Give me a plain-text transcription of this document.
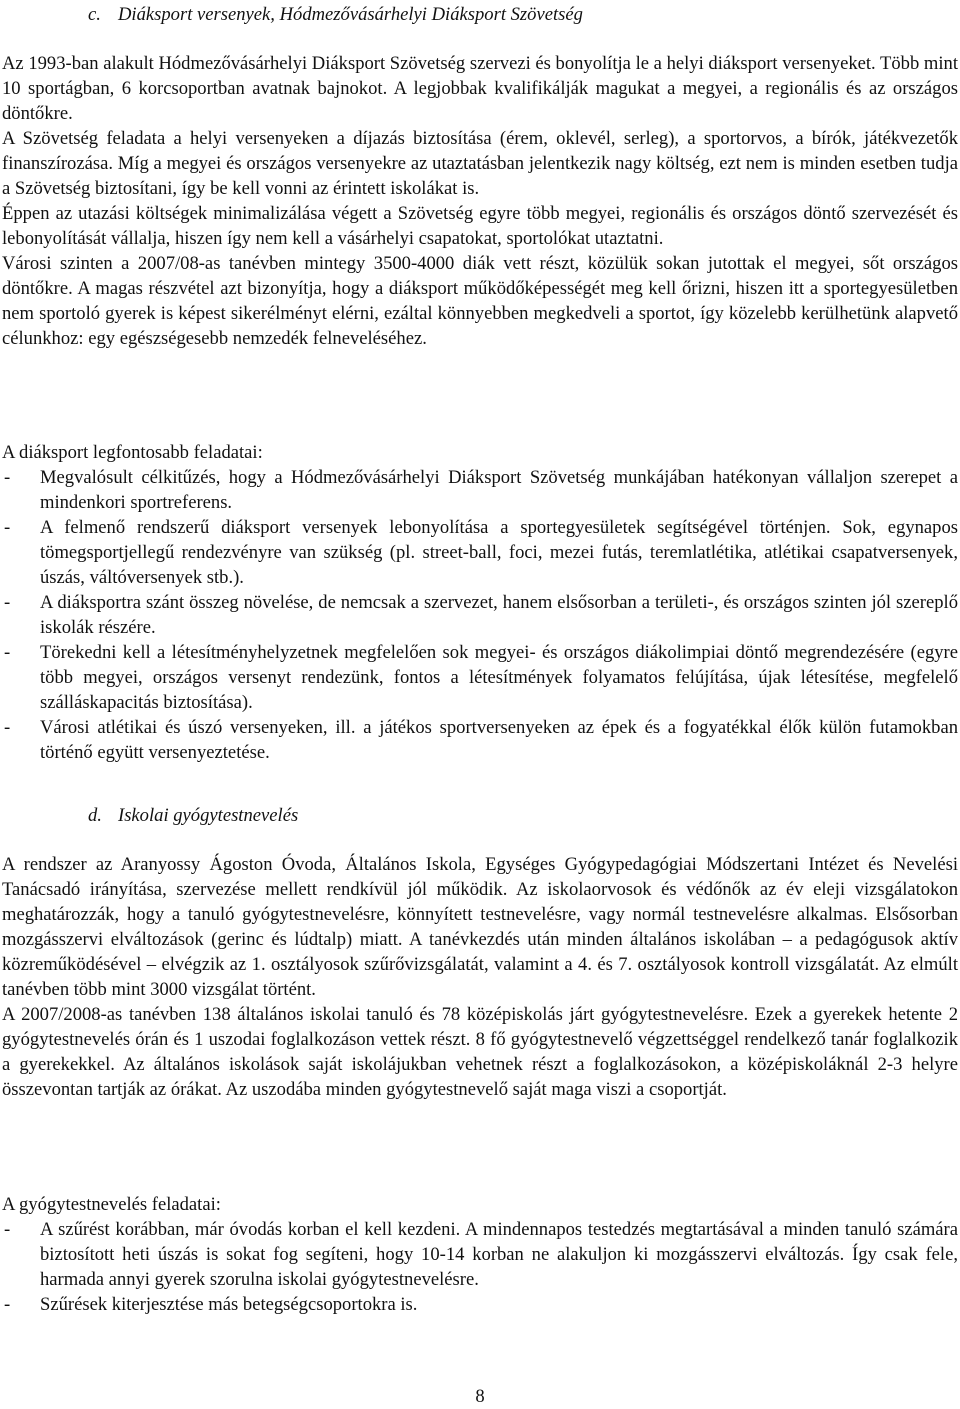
c. Diáksport versenyek, Hódmezővásárhelyi Diáksport Szövetség

Az 1993-ban alakult Hódmezővásárhelyi Diáksport Szövetség szervezi és bonyolítja le a helyi diáksport versenyeket. Több mint 10 sportágban, 6 korcsoportban avatnak bajnokot. A legjobbak kvalifikálják magukat a megyei, a regionális és az országos döntőkre.

A Szövetség feladata a helyi versenyeken a díjazás biztosítása (érem, oklevél, serleg), a sportorvos, a bírók, játékvezetők finanszírozása. Míg a megyei és országos versenyekre az utaztatásban jelentkezik nagy költség, ezt nem is minden esetben tudja a Szövetség biztosítani, így be kell vonni az érintett iskolákat is.

Éppen az utazási költségek minimalizálása végett a Szövetség egyre több megyei, regionális és országos döntő szervezését és lebonyolítását vállalja, hiszen így nem kell a vásárhelyi csapatokat, sportolókat utaztatni.

Városi szinten a 2007/08-as tanévben mintegy 3500-4000 diák vett részt, közülük sokan jutottak el megyei, sőt országos döntőkre. A magas részvétel azt bizonyítja, hogy a diáksport működőképességét meg kell őrizni, hiszen itt a sportegyesületben nem sportoló gyerek is képest sikerélményt elérni, ezáltal könnyebben megkedveli a sportot, így közelebb kerülhetünk alapvető célunkhoz: egy egészségesebb nemzedék felneveléséhez.

A diáksport legfontosabb feladatai:

- Megvalósult célkitűzés, hogy a Hódmezővásárhelyi Diáksport Szövetség munkájában hatékonyan vállaljon szerepet a mindenkori sportreferens.
- A felmenő rendszerű diáksport versenyek lebonyolítása a sportegyesületek segítségével történjen. Sok, egynapos tömegsportjellegű rendezvényre van szükség (pl. street-ball, foci, mezei futás, teremlatlétika, atlétikai csapatversenyek, úszás, váltóversenyek stb.).
- A diáksportra szánt összeg növelése, de nemcsak a szervezet, hanem elsősorban a területi-, és országos szinten jól szereplő iskolák részére.
- Törekedni kell a létesítményhelyzetnek megfelelően sok megyei- és országos diákolimpiai döntő megrendezésére (egyre több megyei, országos versenyt rendezünk, fontos a létesítmények folyamatos felújítása, újak létesítése, megfelelő szálláskapacitás biztosítása).
- Városi atlétikai és úszó versenyeken, ill. a játékos sportversenyeken az épek és a fogyatékkal élők külön futamokban történő együtt versenyeztetése.
d. Iskolai gyógytestnevelés

A rendszer az Aranyossy Ágoston Óvoda, Általános Iskola, Egységes Gyógypedagógiai Módszertani Intézet és Nevelési Tanácsadó irányítása, szervezése mellett rendkívül jól működik. Az iskolaorvosok és védőnők az év eleji vizsgálatokon meghatározzák, hogy a tanuló gyógytestnevelésre, könnyített testnevelésre, vagy normál testnevelésre alkalmas. Elsősorban mozgásszervi elváltozások (gerinc és lúdtalp) miatt. A tanévkezdés után minden általános iskolában – a pedagógusok aktív közreműködésével – elvégzik az 1. osztályosok szűrővizsgálatát, valamint a 4. és 7. osztályosok kontroll vizsgálatát. Az elmúlt tanévben több mint 3000 vizsgálat történt.

A 2007/2008-as tanévben 138 általános iskolai tanuló és 78 középiskolás járt gyógytestnevelésre. Ezek a gyerekek hetente 2 gyógytestnevelés órán és 1 uszodai foglalkozáson vettek részt. 8 fő gyógytestnevelő végzettséggel rendelkező tanár foglalkozik a gyerekekkel. Az általános iskolások saját iskolájukban vehetnek részt a foglalkozásokon, a középiskoláknál 2-3 helyre összevontan tartják az órákat. Az uszodába minden gyógytestnevelő saját maga viszi a csoportját.

A gyógytestnevelés feladatai:

- A szűrést korábban, már óvodás korban el kell kezdeni. A mindennapos testedzés megtartásával a minden tanuló számára biztosított heti úszás is sokat fog segíteni, hogy 10-14 korban ne alakuljon ki mozgásszervi elváltozás. Így csak fele, harmada annyi gyerek szorulna iskolai gyógytestnevelésre.
- Szűrések kiterjesztése más betegségcsoportokra is.
8
